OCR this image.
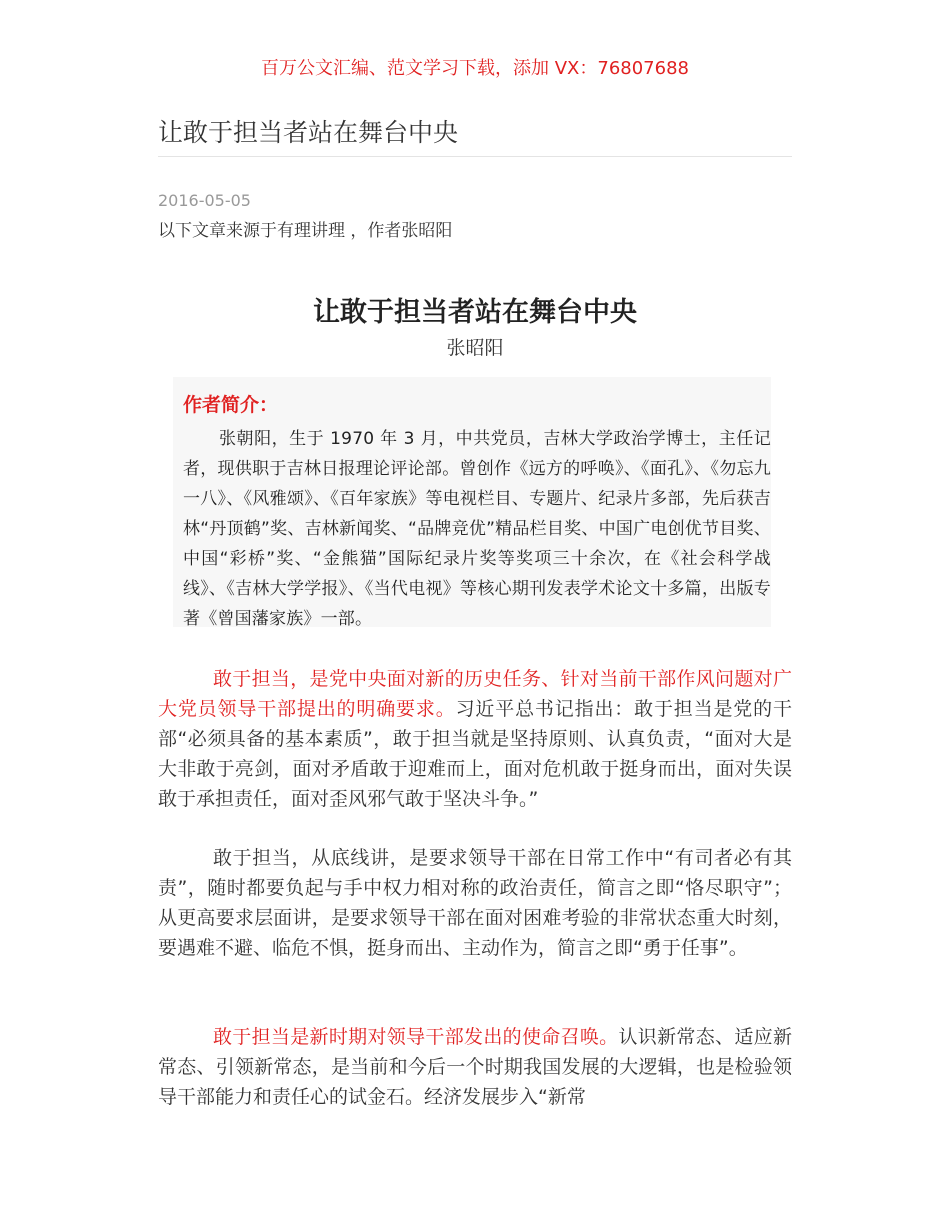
百万公文汇编、范文学习下载，添加 VX：76807688
让敢于担当者站在舞台中央
2016-05-05
以下文章来源于有理讲理 ，作者张昭阳
让敢于担当者站在舞台中央
张昭阳
作者简介：
张朝阳，生于 1970 年 3 月，中共党员，吉林大学政治学博士，主任记者，现供职于吉林日报理论评论部。曾创作《远方的呼唤》、《面孔》、《勿忘九一八》、《风雅颂》、《百年家族》等电视栏目、专题片、纪录片多部，先后获吉林“丹顶鹤”奖、吉林新闻奖、“品牌竞优”精品栏目奖、中国广电创优节目奖、中国“彩桥”奖、“金熊猫”国际纪录片奖等奖项三十余次，在《社会科学战线》、《吉林大学学报》、《当代电视》等核心期刊发表学术论文十多篇，出版专著《曾国藩家族》一部。
敢于担当，是党中央面对新的历史任务、针对当前干部作风问题对广大党员领导干部提出的明确要求。习近平总书记指出：敢于担当是党的干部“必须具备的基本素质”，敢于担当就是坚持原则、认真负责，“面对大是大非敢于亮剑，面对矛盾敢于迎难而上，面对危机敢于挺身而出，面对失误敢于承担责任，面对歪风邪气敢于坚决斗争。”
敢于担当，从底线讲，是要求领导干部在日常工作中“有司者必有其责”，随时都要负起与手中权力相对称的政治责任，简言之即“恪尽职守”；从更高要求层面讲，是要求领导干部在面对困难考验的非常状态重大时刻，要遇难不避、临危不惧，挺身而出、主动作为，简言之即“勇于任事”。
敢于担当是新时期对领导干部发出的使命召唤。认识新常态、适应新常态、引领新常态，是当前和今后一个时期我国发展的大逻辑，也是检验领导干部能力和责任心的试金石。经济发展步入“新常
